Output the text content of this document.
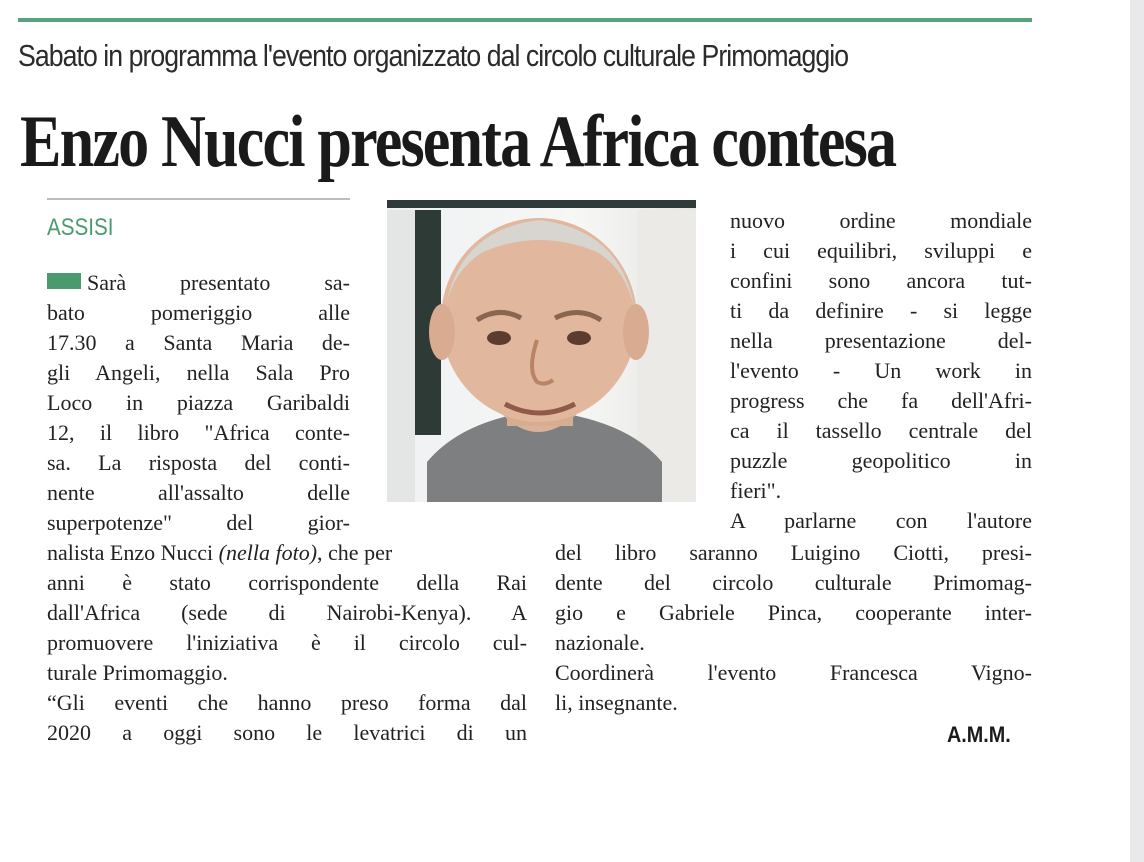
Sabato in programma l'evento organizzato dal circolo culturale Primomaggio
Enzo Nucci presenta Africa contesa
ASSISI
Sarà presentato sa-
bato pomeriggio alle
17.30 a Santa Maria de-
gli Angeli, nella Sala Pro
Loco in piazza Garibaldi
12, il libro "Africa conte-
sa. La risposta del conti-
nente all'assalto delle
superpotenze" del gior-
nalista Enzo Nucci (nella foto), che per
anni è stato corrispondente della Rai
dall'Africa (sede di Nairobi-Kenya). A
promuovere l'iniziativa è il circolo cul-
turale Primomaggio.
“Gli eventi che hanno preso forma dal
2020 a oggi sono le levatrici di un
nuovo ordine mondiale
i cui equilibri, sviluppi e
confini sono ancora tut-
ti da definire - si legge
nella presentazione del-
l'evento - Un work in
progress che fa dell'Afri-
ca il tassello centrale del
puzzle geopolitico in
fieri".
A parlarne con l'autore
del libro saranno Luigino Ciotti, presi-
dente del circolo culturale Primomag-
gio e Gabriele Pinca, cooperante inter-
nazionale.
Coordinerà l'evento Francesca Vigno-
li, insegnante.
A.M.M.
